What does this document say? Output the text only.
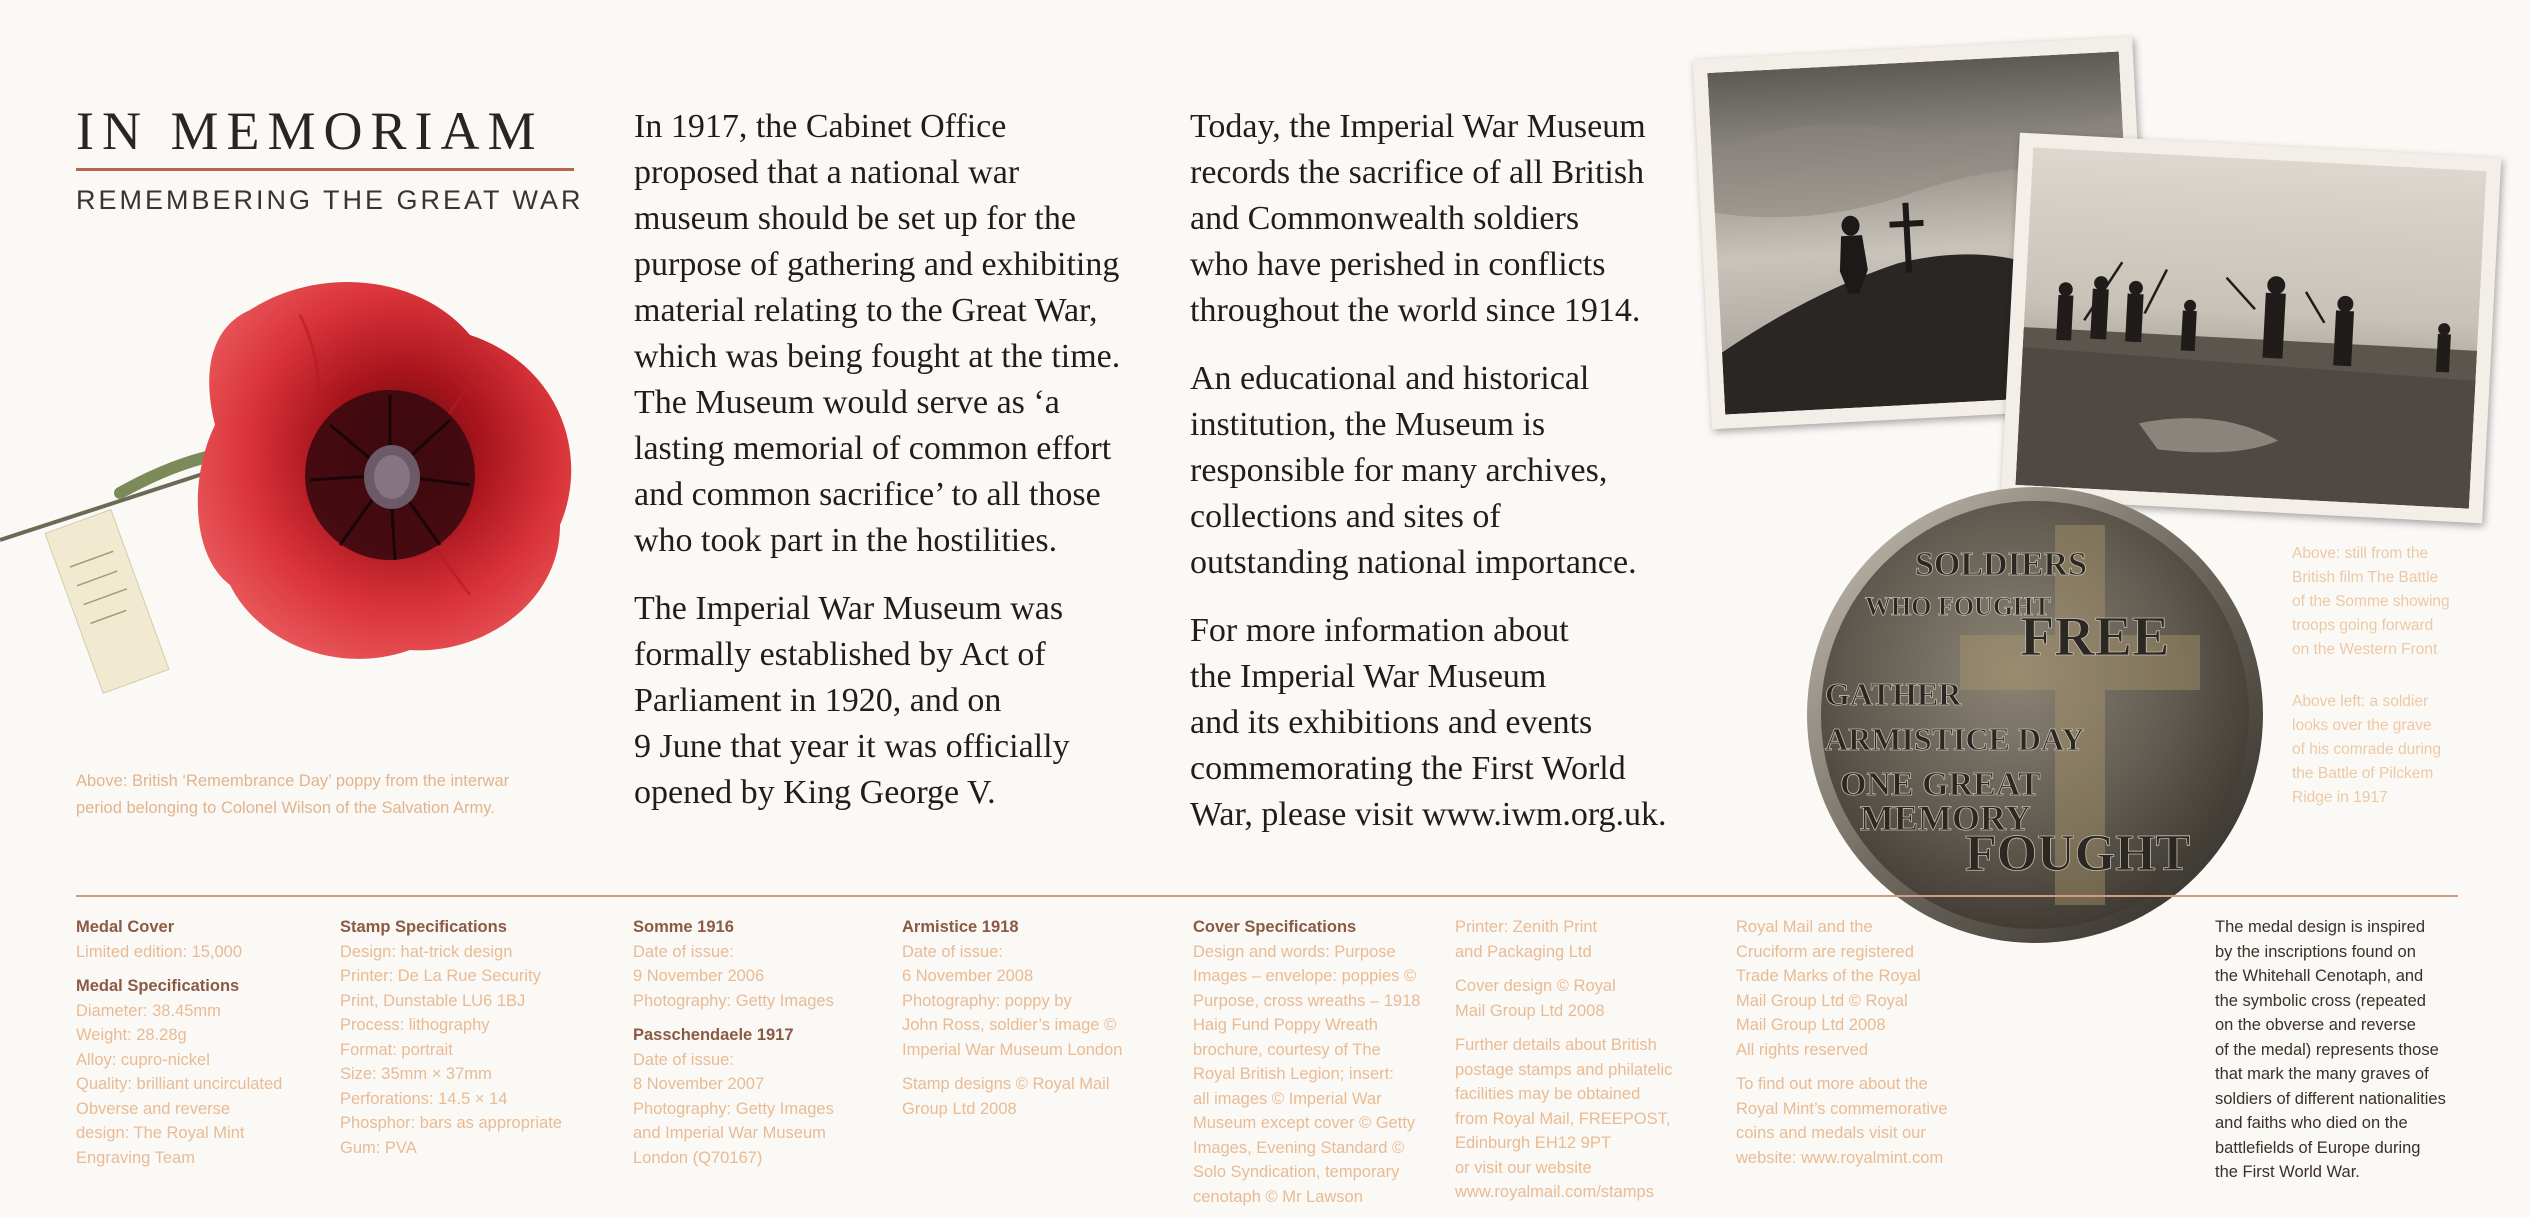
IN MEMORIAM
REMEMBERING THE GREAT WAR
Above: British ‘Remembrance Day’ poppy from the interwar
period belonging to Colonel Wilson of the Salvation Army.

In 1917, the Cabinet Office
proposed that a national war
museum should be set up for the
purpose of gathering and exhibiting
material relating to the Great War,
which was being fought at the time.
The Museum would serve as ‘a
lasting memorial of common effort
and common sacrifice’ to all those
who took part in the hostilities.

The Imperial War Museum was
formally established by Act of
Parliament in 1920, and on
9 June that year it was officially
opened by King George V.

Today, the Imperial War Museum
records the sacrifice of all British
and Commonwealth soldiers
who have perished in conflicts
throughout the world since 1914.

An educational and historical
institution, the Museum is
responsible for many archives,
collections and sites of
outstanding national importance.

For more information about
the Imperial War Museum
and its exhibitions and events
commemorating the First World
War, please visit www.iwm.org.uk.

Above: still from the
British film The Battle
of the Somme showing
troops going forward
on the Western Front
Above left: a soldier
looks over the grave
of his comrade during
the Battle of Pilckem
Ridge in 1917
SOLDIERS
WHO FOUGHT
FREE
GATHER
ARMISTICE DAY
ONE GREAT
MEMORY
FOUGHT
Medal Cover
Limited edition: 15,000
Medal Specifications
Diameter: 38.45mm
Weight: 28.28g
Alloy: cupro-nickel
Quality: brilliant uncirculated
Obverse and reverse
design: The Royal Mint
Engraving Team
Stamp Specifications
Design: hat-trick design
Printer: De La Rue Security
Print, Dunstable LU6 1BJ
Process: lithography
Format: portrait
Size: 35mm × 37mm
Perforations: 14.5 × 14
Phosphor: bars as appropriate
Gum: PVA
Somme 1916
Date of issue:
9 November 2006
Photography: Getty Images
Passchendaele 1917
Date of issue:
8 November 2007
Photography: Getty Images
and Imperial War Museum
London (Q70167)
Armistice 1918
Date of issue:
6 November 2008
Photography: poppy by
John Ross, soldier’s image ©
Imperial War Museum London
Stamp designs © Royal Mail
Group Ltd 2008
Cover Specifications
Design and words: Purpose
Images – envelope: poppies ©
Purpose, cross wreaths – 1918
Haig Fund Poppy Wreath
brochure, courtesy of The
Royal British Legion; insert:
all images © Imperial War
Museum except cover © Getty
Images, Evening Standard ©
Solo Syndication, temporary
cenotaph © Mr Lawson
Printer: Zenith Print
and Packaging Ltd
Cover design © Royal
Mail Group Ltd 2008
Further details about British
postage stamps and philatelic
facilities may be obtained
from Royal Mail, FREEPOST,
Edinburgh EH12 9PT
or visit our website
www.royalmail.com/stamps
Royal Mail and the
Cruciform are registered
Trade Marks of the Royal
Mail Group Ltd © Royal
Mail Group Ltd 2008
All rights reserved
To find out more about the
Royal Mint’s commemorative
coins and medals visit our
website: www.royalmint.com
The medal design is inspired
by the inscriptions found on
the Whitehall Cenotaph, and
the symbolic cross (repeated
on the obverse and reverse
of the medal) represents those
that mark the many graves of
soldiers of different nationalities
and faiths who died on the
battlefields of Europe during
the First World War.
